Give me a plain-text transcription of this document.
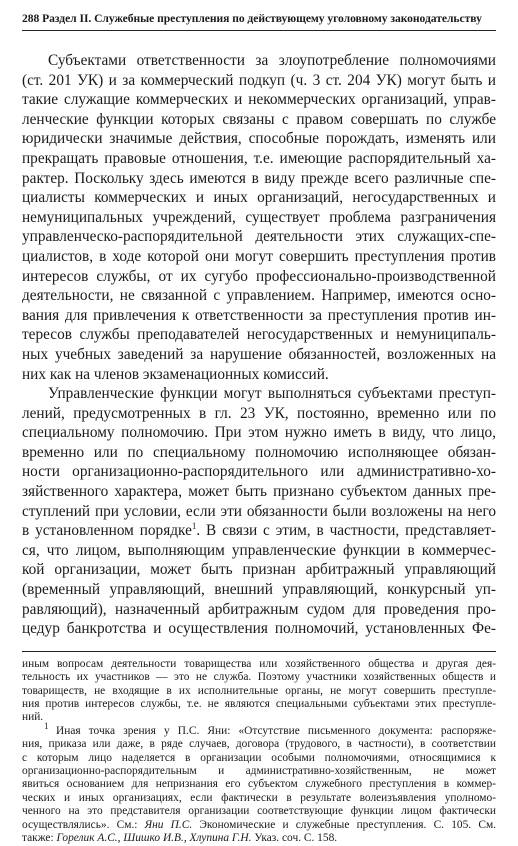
288 Раздел II. Служебные преступления по действующему уголовному законодательству
Субъектами ответственности за злоупотребление полномочиями
(ст. 201 УК) и за коммерческий подкуп (ч. 3 ст. 204 УК) могут быть и
такие служащие коммерческих и некоммерческих организаций, управ-
ленческие функции которых связаны с правом совершать по службе
юридически значимые действия, способные порождать, изменять или
прекращать правовые отношения, т.е. имеющие распорядительный ха-
рактер. Поскольку здесь имеются в виду прежде всего различные спе-
циалисты коммерческих и иных организаций, негосударственных и
немуниципальных учреждений, существует проблема разграничения
управленческо-распорядительной деятельности этих служащих-спе-
циалистов, в ходе которой они могут совершить преступления против
интересов службы, от их сугубо профессионально-производственной
деятельности, не связанной с управлением. Например, имеются осно-
вания для привлечения к ответственности за преступления против ин-
тересов службы преподавателей негосударственных и немуниципаль-
ных учебных заведений за нарушение обязанностей, возложенных на
них как на членов экзаменационных комиссий.
Управленческие функции могут выполняться субъектами преступ-
лений, предусмотренных в гл. 23 УК, постоянно, временно или по
специальному полномочию. При этом нужно иметь в виду, что лицо,
временно или по специальному полномочию исполняющее обязан-
ности организационно-распорядительного или административно-хо-
зяйственного характера, может быть признано субъектом данных пре-
ступлений при условии, если эти обязанности были возложены на него
в установленном порядке$^1$. В связи с этим, в частности, представляет-
ся, что лицом, выполняющим управленческие функции в коммерчес-
кой организации, может быть признан арбитражный управляющий
(временный управляющий, внешний управляющий, конкурсный уп-
равляющий), назначенный арбитражным судом для проведения про-
цедур банкротства и осуществления полномочий, установленных Фе-
иным вопросам деятельности товарищества или хозяйственного общества и другая дея-
тельность их участников — это не служба. Поэтому участники хозяйственных обществ и
товариществ, не входящие в их исполнительные органы, не могут совершить преступле-
ния против интересов службы, т.е. не являются специальными субъектами этих преступле-
ний.
$^1$ Иная точка зрения у П.С. Яни: «Отсутствие письменного документа: распоряже-
ния, приказа или даже, в ряде случаев, договора (трудового, в частности), в соответствии
с которым лицо наделяется в организации особыми полномочиями, относящимися к
организационно-распорядительным и административно-хозяйственным, не может
явиться основанием для непризнания его субъектом служебного преступления в коммер-
ческих и иных организациях, если фактически в результате волеизъявления уполномо-
ченного на это представителя организации соответствующие функции лицом фактически
осуществлялись». См.: Яни П.С. Экономические и служебные преступления. С. 105. См.
также: Горелик А.С., Шишко И.В., Хлупина Г.Н. Указ. соч. С. 158.
